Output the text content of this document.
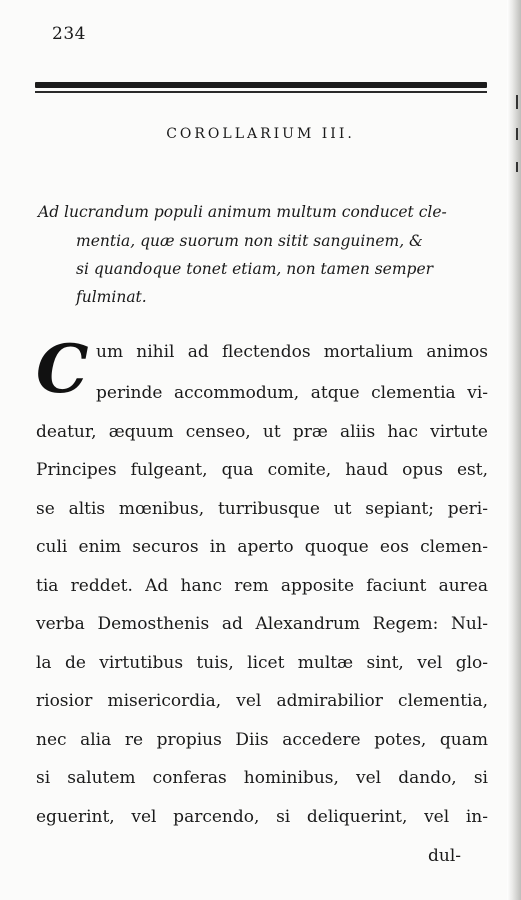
234
COROLLARIUM III.
Ad lucrandum populi animum multum conducet cle-
mentia, quæ suorum non sitit sanguinem, &
si quandoque tonet etiam, non tamen semper
fulminat.
C um nihil ad flectendos mortalium animos
perinde accommodum, atque clementia vi-
deatur, æquum censeo, ut præ aliis hac virtute
Principes fulgeant, qua comite, haud opus est,
se altis mœnibus, turribusque ut sepiant; peri-
culi enim securos in aperto quoque eos clemen-
tia reddet. Ad hanc rem apposite faciunt aurea
verba Demosthenis ad Alexandrum Regem: Nul-
la de virtutibus tuis, licet multæ sint, vel glo-
riosior misericordia, vel admirabilior clementia,
nec alia re propius Diis accedere potes, quam
si salutem conferas hominibus, vel dando, si
eguerint, vel parcendo, si deliquerint, vel in-
dul-
